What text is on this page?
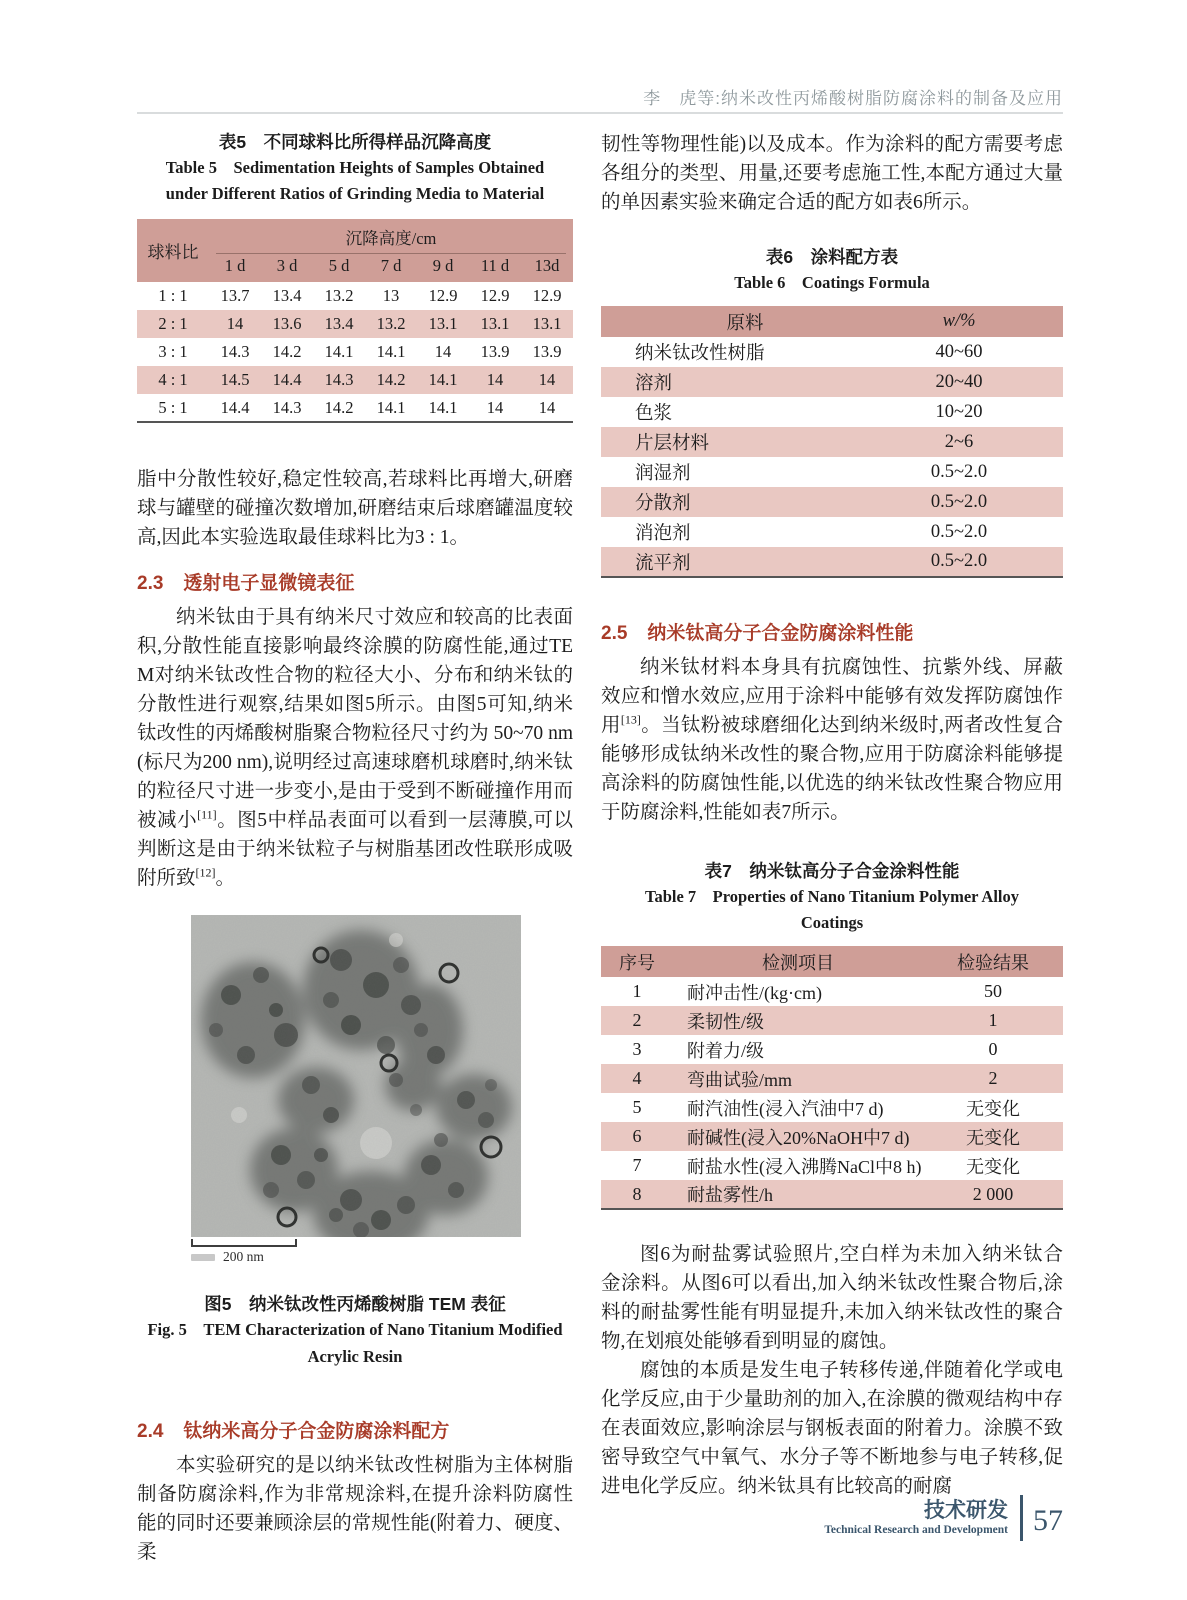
李　虎等:纳米改性丙烯酸树脂防腐涂料的制备及应用
表5　不同球料比所得样品沉降高度
Table 5　Sedimentation Heights of Samples Obtained
under Different Ratios of Grinding Media to Material
球料比	沉降高度/cm						
	1 d	3 d	5 d	7 d	9 d	11 d	13d
1 : 1	13.7	13.4	13.2	13	12.9	12.9	12.9
2 : 1	14	13.6	13.4	13.2	13.1	13.1	13.1
3 : 1	14.3	14.2	14.1	14.1	14	13.9	13.9
4 : 1	14.5	14.4	14.3	14.2	14.1	14	14
5 : 1	14.4	14.3	14.2	14.1	14.1	14	14

脂中分散性较好,稳定性较高,若球料比再增大,研磨球与罐壁的碰撞次数增加,研磨结束后球磨罐温度较高,因此本实验选取最佳球料比为3 : 1。

2.3 透射电子显微镜表征

纳米钛由于具有纳米尺寸效应和较高的比表面积,分散性能直接影响最终涂膜的防腐性能,通过TEM对纳米钛改性合物的粒径大小、分布和纳米钛的分散性进行观察,结果如图5所示。由图5可知,纳米钛改性的丙烯酸树脂聚合物粒径尺寸约为 50~70 nm(标尺为200 nm),说明经过高速球磨机球磨时,纳米钛的粒径尺寸进一步变小,是由于受到不断碰撞作用而被减小[11]。图5中样品表面可以看到一层薄膜,可以判断这是由于纳米钛粒子与树脂基团改性联形成吸附所致[12]。

200 nm
图5　纳米钛改性丙烯酸树脂 TEM 表征
Fig. 5　TEM Characterization of Nano Titanium Modified
Acrylic Resin
2.4 钛纳米高分子合金防腐涂料配方

本实验研究的是以纳米钛改性树脂为主体树脂制备防腐涂料,作为非常规涂料,在提升涂料防腐性能的同时还要兼顾涂层的常规性能(附着力、硬度、柔

韧性等物理性能)以及成本。作为涂料的配方需要考虑各组分的类型、用量,还要考虑施工性,本配方通过大量的单因素实验来确定合适的配方如表6所示。

表6　涂料配方表
Table 6　Coatings Formula
原料	w/%
纳米钛改性树脂	40~60
溶剂	20~40
色浆	10~20
片层材料	2~6
润湿剂	0.5~2.0
分散剂	0.5~2.0
消泡剂	0.5~2.0
流平剂	0.5~2.0
2.5 纳米钛高分子合金防腐涂料性能

纳米钛材料本身具有抗腐蚀性、抗紫外线、屏蔽效应和憎水效应,应用于涂料中能够有效发挥防腐蚀作用[13]。当钛粉被球磨细化达到纳米级时,两者改性复合能够形成钛纳米改性的聚合物,应用于防腐涂料能够提高涂料的防腐蚀性能,以优选的纳米钛改性聚合物应用于防腐涂料,性能如表7所示。

表7　纳米钛高分子合金涂料性能
Table 7　Properties of Nano Titanium Polymer Alloy
Coatings
序号	检测项目	检验结果
1	耐冲击性/(kg·cm)	50
2	柔韧性/级	1
3	附着力/级	0
4	弯曲试验/mm	2
5	耐汽油性(浸入汽油中7 d)	无变化
6	耐碱性(浸入20%NaOH中7 d)	无变化
7	耐盐水性(浸入沸腾NaCl中8 h)	无变化
8	耐盐雾性/h	2 000

图6为耐盐雾试验照片,空白样为未加入纳米钛合金涂料。从图6可以看出,加入纳米钛改性聚合物后,涂料的耐盐雾性能有明显提升,未加入纳米钛改性的聚合物,在划痕处能够看到明显的腐蚀。

腐蚀的本质是发生电子转移传递,伴随着化学或电化学反应,由于少量助剂的加入,在涂膜的微观结构中存在表面效应,影响涂层与钢板表面的附着力。涂膜不致密导致空气中氧气、水分子等不断地参与电子转移,促进电化学反应。纳米钛具有比较高的耐腐

技术研发
Technical Research and Development 57
